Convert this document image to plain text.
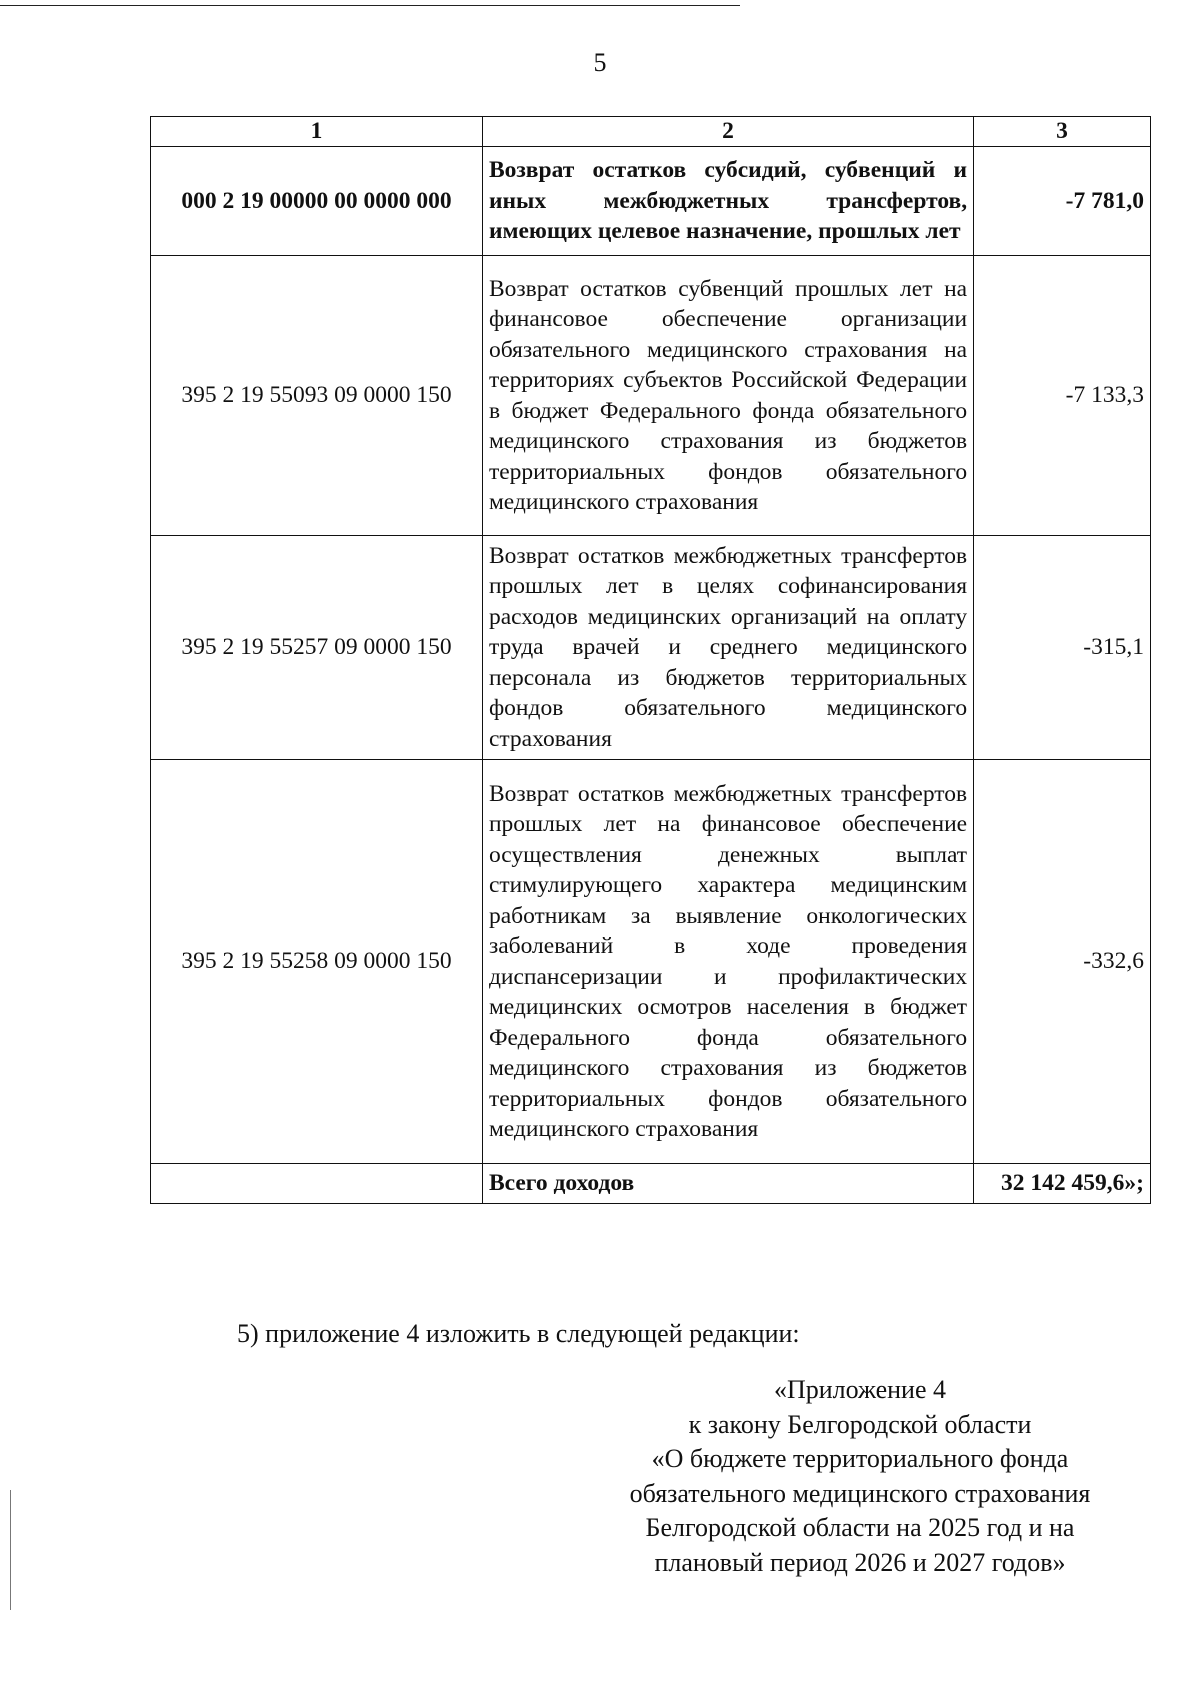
5
1	2	3
000 2 19 00000 00 0000 000	Возврат остатков субсидий, субвенций и иных межбюджетных трансфертов, имеющих целевое назначение, прошлых лет	-7 781,0
395 2 19 55093 09 0000 150	Возврат остатков субвенций прошлых лет на финансовое обеспечение организации обязательного медицинского страхования на территориях субъектов Российской Федерации в бюджет Федерального фонда обязательного медицинского страхования из бюджетов территориальных фондов обязательного медицинского страхования	-7 133,3
395 2 19 55257 09 0000 150	Возврат остатков межбюджетных трансфертов прошлых лет в целях софинансирования расходов медицинских организаций на оплату труда врачей и среднего медицинского персонала из бюджетов территориальных фондов обязательного медицинского страхования	-315,1
395 2 19 55258 09 0000 150	Возврат остатков межбюджетных трансфертов прошлых лет на финансовое обеспечение осуществления денежных выплат стимулирующего характера медицинским работникам за выявление онкологических заболеваний в ходе проведения диспансеризации и профилактических медицинских осмотров населения в бюджет Федерального фонда обязательного медицинского страхования из бюджетов территориальных фондов обязательного медицинского страхования	-332,6
	Всего доходов	32 142 459,6»;
5) приложение 4 изложить в следующей редакции:
«Приложение 4
к закону Белгородской области
«О бюджете территориального фонда
обязательного медицинского страхования
Белгородской области на 2025 год и на
плановый период 2026 и 2027 годов»
